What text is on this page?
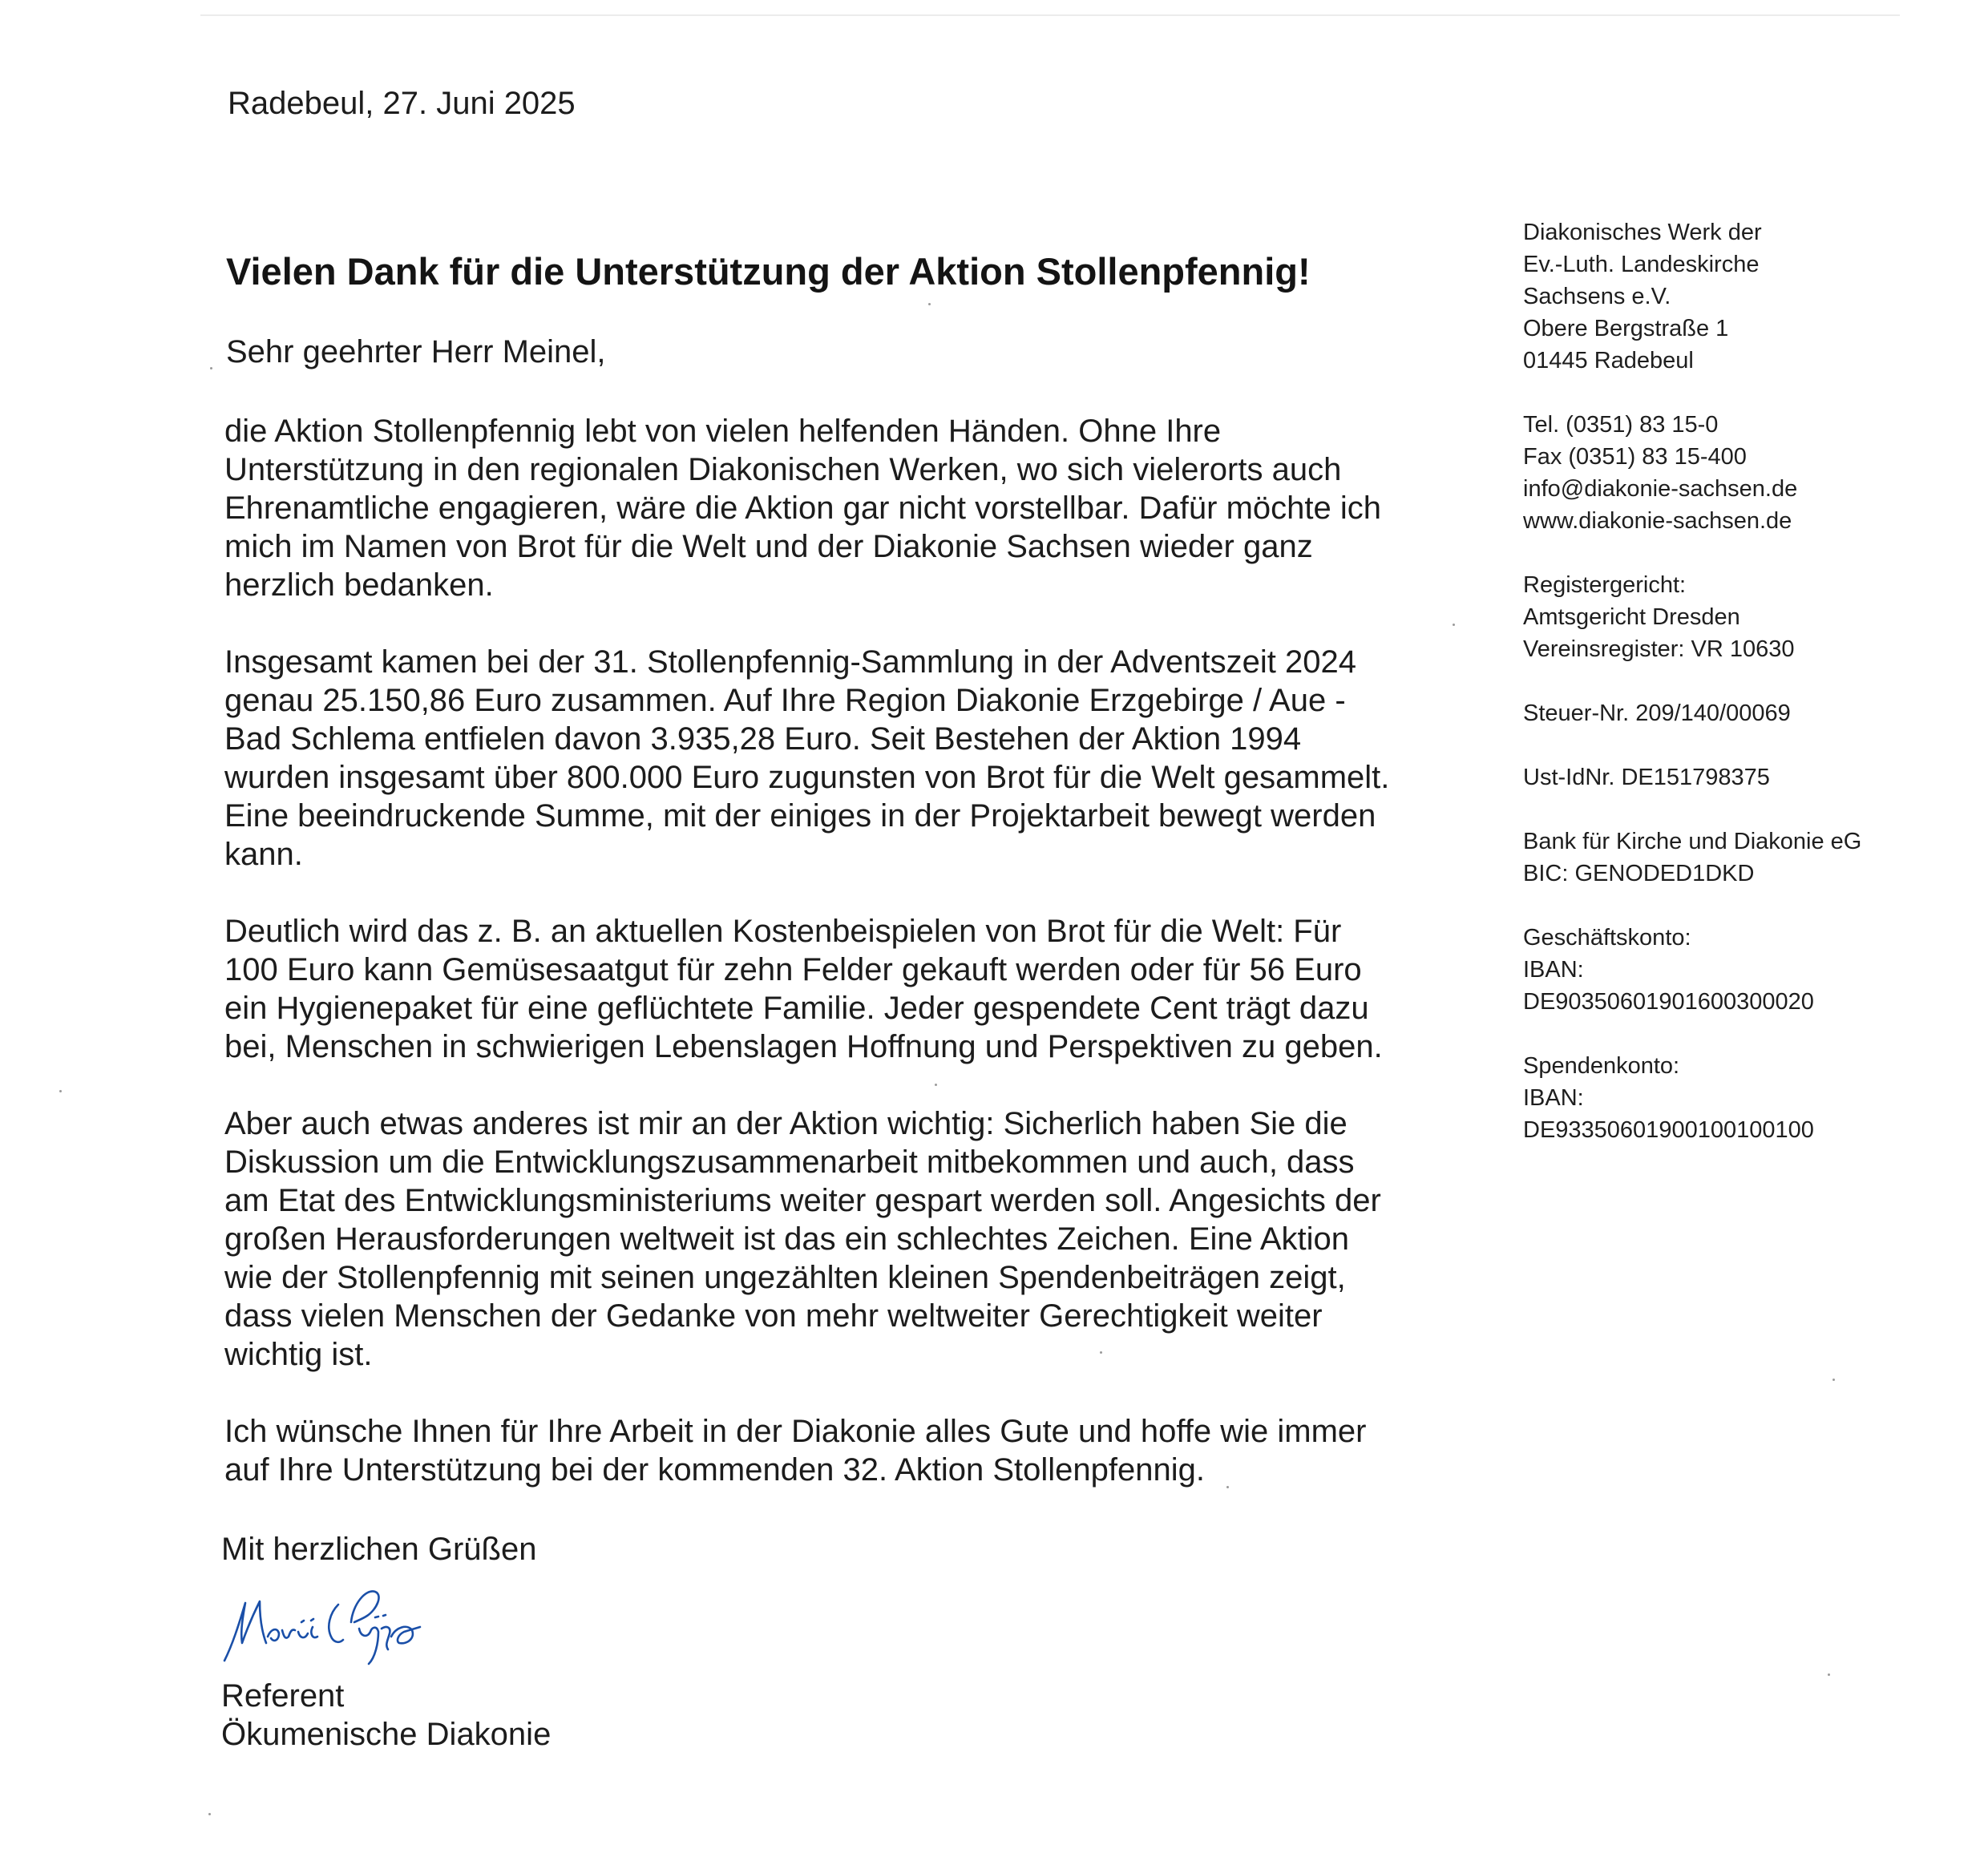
Radebeul, 27. Juni 2025
Vielen Dank für die Unterstützung der Aktion Stollenpfennig!
Sehr geehrter Herr Meinel,

die Aktion Stollenpfennig lebt von vielen helfenden Händen. Ohne Ihre
Unterstützung in den regionalen Diakonischen Werken, wo sich vielerorts auch
Ehrenamtliche engagieren, wäre die Aktion gar nicht vorstellbar. Dafür möchte ich
mich im Namen von Brot für die Welt und der Diakonie Sachsen wieder ganz
herzlich bedanken.

Insgesamt kamen bei der 31. Stollenpfennig-Sammlung in der Adventszeit 2024
genau 25.150,86 Euro zusammen. Auf Ihre Region Diakonie Erzgebirge / Aue -
Bad Schlema entfielen davon 3.935,28 Euro. Seit Bestehen der Aktion 1994
wurden insgesamt über 800.000 Euro zugunsten von Brot für die Welt gesammelt.
Eine beeindruckende Summe, mit der einiges in der Projektarbeit bewegt werden
kann.

Deutlich wird das z. B. an aktuellen Kostenbeispielen von Brot für die Welt: Für
100 Euro kann Gemüsesaatgut für zehn Felder gekauft werden oder für 56 Euro
ein Hygienepaket für eine geflüchtete Familie. Jeder gespendete Cent trägt dazu
bei, Menschen in schwierigen Lebenslagen Hoffnung und Perspektiven zu geben.

Aber auch etwas anderes ist mir an der Aktion wichtig: Sicherlich haben Sie die
Diskussion um die Entwicklungszusammenarbeit mitbekommen und auch, dass
am Etat des Entwicklungsministeriums weiter gespart werden soll. Angesichts der
großen Herausforderungen weltweit ist das ein schlechtes Zeichen. Eine Aktion
wie der Stollenpfennig mit seinen ungezählten kleinen Spendenbeiträgen zeigt,
dass vielen Menschen der Gedanke von mehr weltweiter Gerechtigkeit weiter
wichtig ist.

Ich wünsche Ihnen für Ihre Arbeit in der Diakonie alles Gute und hoffe wie immer
auf Ihre Unterstützung bei der kommenden 32. Aktion Stollenpfennig.

Mit herzlichen Grüßen
Referent
Ökumenische Diakonie
Diakonisches Werk der
Ev.-Luth. Landeskirche
Sachsens e.V.
Obere Bergstraße 1
01445 Radebeul
Tel. (0351) 83 15-0
Fax (0351) 83 15-400
info@diakonie-sachsen.de
www.diakonie-sachsen.de
Registergericht:
Amtsgericht Dresden
Vereinsregister: VR 10630
Steuer-Nr. 209/140/00069
Ust-IdNr. DE151798375
Bank für Kirche und Diakonie eG
BIC: GENODED1DKD
Geschäftskonto:
IBAN:
DE90350601901600300020
Spendenkonto:
IBAN:
DE93350601900100100100
